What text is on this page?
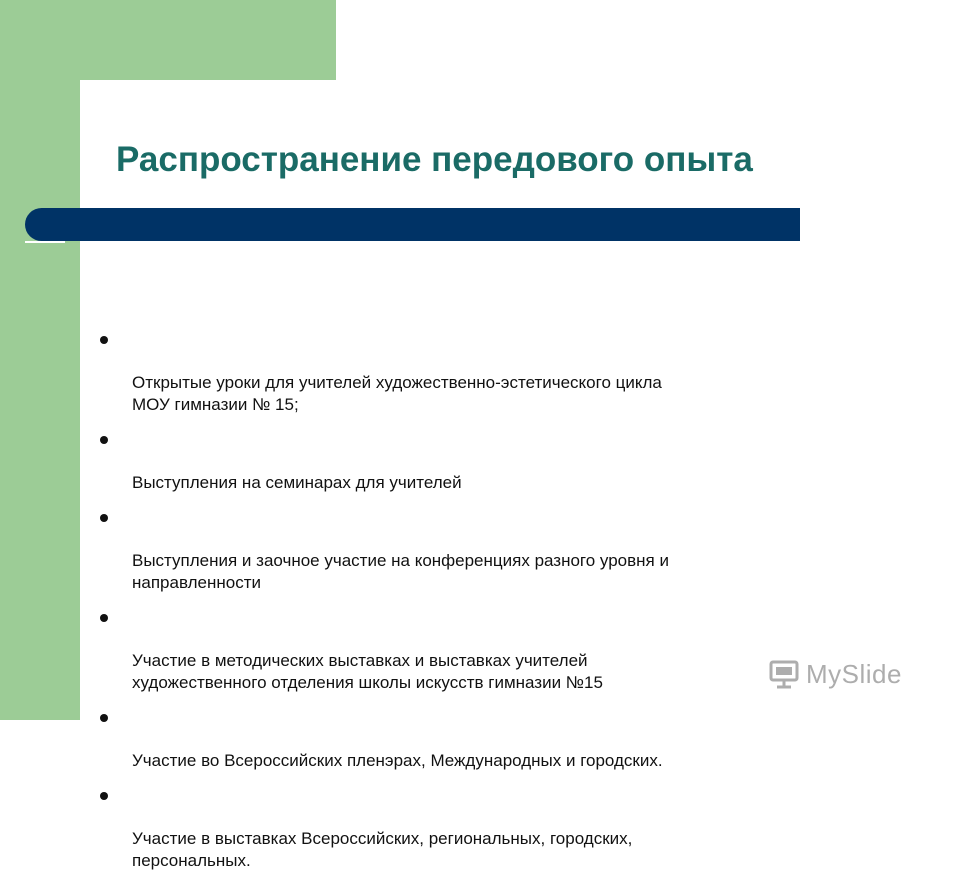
Распространение передового опыта

Открытые уроки для учителей художественно-эстетического цикла
МОУ гимназии № 15;

Выступления на семинарах для учителей

Выступления и заочное участие на конференциях разного уровня и
направленности

Участие в методических выставках и выставках учителей
художественного отделения школы искусств гимназии №15

Участие во Всероссийских пленэрах, Международных и городских.

Участие в выставках Всероссийских, региональных, городских,
персональных.

MySlide
